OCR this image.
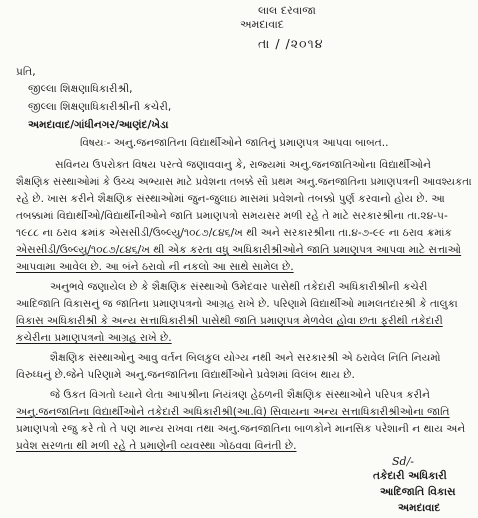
લાલ દરવાજા
અમદાવાદ
તા / /૨૦૧૪
પ્રતિ,
જીલ્લા શિક્ષણાધિકારીશ્રી,
જીલ્લા શિક્ષણાધિકારીશ્રીની કચેરી,
અમદાવાદ/ગાંધીનગર/આણંદ/ખેડા
વિષયઃ- અનુ.જનજાતિના વિદ્યાર્થીઓને જાતિનું પ્રમાણપત્ર આપવા બાબત..
સવિનય ઉપરોક્ત વિષય પરત્વે જણાવવાનુ કે, રાજ્યમાં અનુ.જનજાતિઓના વિદ્યાર્થીઓને
શૈક્ષણિક સંસ્થાઓમાં કે ઉચ્ચ અભ્યાસ માટે પ્રવેશના તબક્કે સૌ પ્રથમ અનુ.જનજાતિના પ્રમાણપત્રની આવશ્યકતા
રહે છે. ખાસ કરીને શૈક્ષણિક સંસ્થાઓમાં જુન-જુલાઇ માસમાં પ્રવેશનો તબક્કો પુર્ણ કરવાનો હોય છે. આ
તબક્કામાં વિદ્યાર્થીઓ/વિદ્યાર્થીનીઓને જાતિ પ્રમાણપત્રો સમયસર મળી રહે તે માટે સરકારશ્રીના તા.૨૪-૫-
૧૯૮૮ ના ઠરાવ ક્રમાંક એસસીડી/ઉબ્લ્યુ/૧૦૮૭/૮૪૬/ખ થી અને સરકારશ્રીના તા.૪-૭-૯૯ ના ઠરાવ ક્રમાંક
એસસીડી/ઉબ્લ્યુ/૧૦૮૭/૮૪૬/ખ થી એક કરતા વધુ અધિકારીશ્રીઓને જાતિ પ્રમાણપત્ર આપવા માટે સત્તાઓ
આપવામા આવેલ છે. આ બંને ઠરાવો ની નકલો આ સાથે સામેલ છે.
અનુભવે જણાયેલ છે કે શૈક્ષણિક સંસ્થાઓ ઉમેદવાર પાસેથી તકેદારી અધિકારીશ્રીની કચેરી
આદિજાતિ વિકાસનું જ જાતિના પ્રમાણપત્રનો આગ્રહ રાખે છે. પરિણામે વિદ્યાર્થીઓ મામલતદારશ્રી કે તાલુકા
વિકાસ અધિકારીશ્રી કે અન્ય સત્તાધિકારીશ્રી પાસેથી જાતિ પ્રમાણપત્ર મેળવેલ હોવા છતા ફરીથી તકેદારી
કચેરીના પ્રમાણપત્રનો આગ્રહ રાખે છે.
શૈક્ષણિક સંસ્થાઓનુ આવુ વર્તન બિલકુલ યોગ્ય નથી અને સરકારશ્રી એ ઠરાવેલ નિતિ નિયમો
વિરુધ્ધનું છે.જેને પરિણામે અનુ.જનજાતિના વિદ્યાર્થીઓને પ્રવેશમાં વિલંબ થાય છે.
જે ઉકત વિગતો ધ્યાને લેતા આપશ્રીના નિયંત્રણ હેઠળની શૈક્ષણિક સંસ્થાઓને પરિપત્ર કરીને
અનુ.જનજાતિના વિદ્યાર્થીઓને તકેદારી અધિકારીશ્રી(આ.વિ) સિવાયના અન્ય સત્તાધિકારીશ્રીઓના જાતિ
પ્રમાણપત્રો રજુ કરે તો તે પણ માન્ય રાખવા તથા અનુ.જનજાતિના બાળકોને માનસિક પરેશાની ન થાય અને
પ્રવેશ સરળતા થી મળી રહે તે પ્રમાણેની વ્યવસ્થા ગોઠવવા વિનંતી છે.
Sd/-
તકેદારી અધિકારી
આદિજાતિ વિકાસ
અમદાવાદ
